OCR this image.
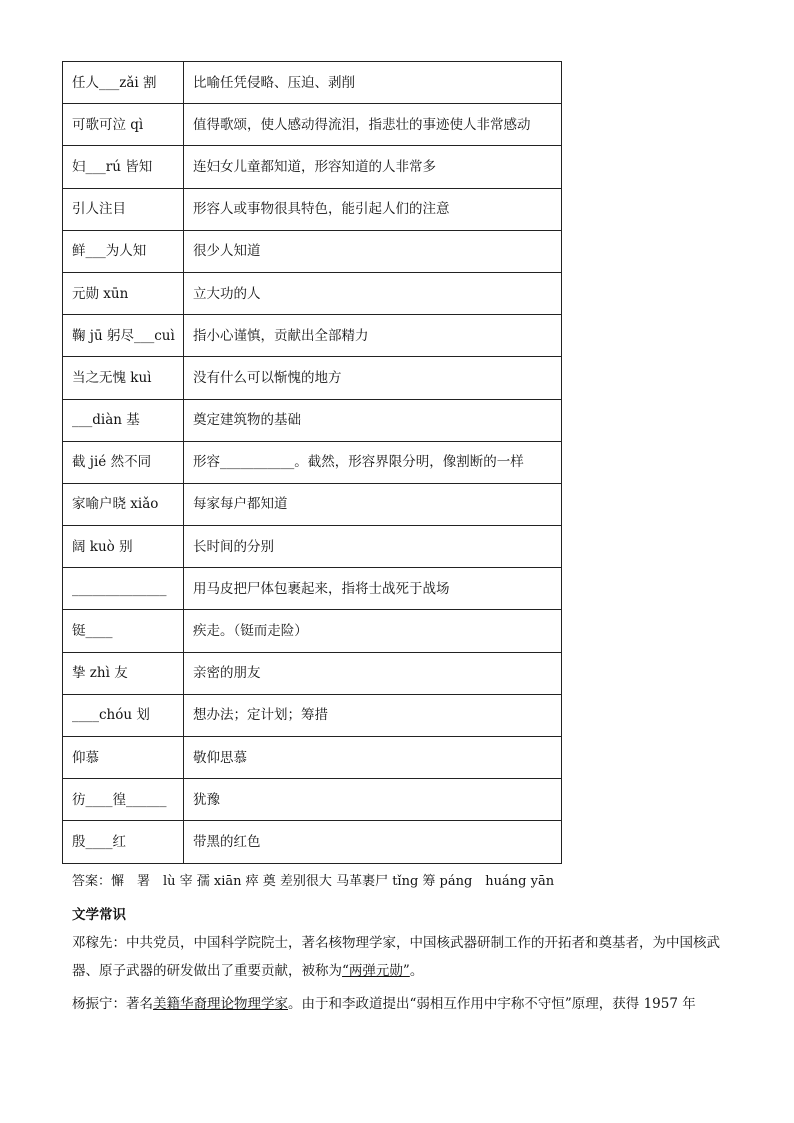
任人___zǎi 割	比喻任凭侵略、压迫、剥削
可歌可泣 qì	值得歌颂，使人感动得流泪，指悲壮的事迹使人非常感动
妇___rú 皆知	连妇女儿童都知道，形容知道的人非常多
引人注目	形容人或事物很具特色，能引起人们的注意
鲜___为人知	很少人知道
元勋 xūn	立大功的人
鞠 jū 躬尽___cuì	指小心谨慎，贡献出全部精力
当之无愧 kuì	没有什么可以惭愧的地方
___diàn 基	奠定建筑物的基础
截 jié 然不同	形容___________。截然，形容界限分明，像割断的一样
家喻户晓 xiǎo	每家每户都知道
阔 kuò 别	长时间的分别
______________	用马皮把尸体包裹起来，指将士战死于战场
铤____	疾走。（铤而走险）
挚 zhì 友	亲密的朋友
____chóu 划	想办法；定计划；筹措
仰慕	敬仰思慕
彷____徨______	犹豫
殷____红	带黑的红色
答案：懈　署　lù 宰 孺 xiān 瘁 奠 差别很大 马革裹尸 tǐng 筹 páng　huáng yān
文学常识
邓稼先：中共党员，中国科学院院士，著名核物理学家，中国核武器研制工作的开拓者和奠基者，为中国核武器、原子武器的研发做出了重要贡献，被称为“两弹元勋”。
杨振宁：著名美籍华裔理论物理学家。由于和李政道提出“弱相互作用中宇称不守恒”原理，获得 1957 年
